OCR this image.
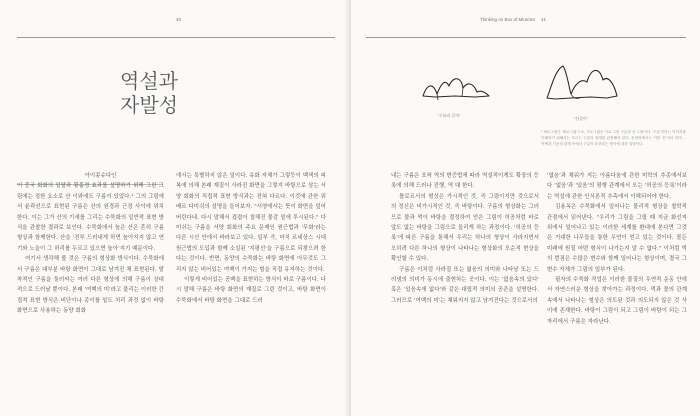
40
역설과
자발성

아이콩슈다인

이 중국 회화의 일탈과 황홀경 효과를 설명하기 위해 그린 그림에는 정한 요소로 산 이와에도 구름이 있었다.¹ 그의 그림에서 윤곽선으로 표현된 구름은 산의 원경과 근경 사이에 위치한다. 이는 그가 산의 기세를 그리는 수묵화의 일반적 표현 방식을 관찰한 결과로 보인다. 수묵화에서 높은 산은 흔히 구름 형상과 함께한다. 산을 '전부 드러내게 하면 높아지지 않고 연기와 노을이 그 허리를 두르고 있으면 높아'지기 때문이다.

여기서 생각해 볼 것은 구름의 형상화 방식이다. 수묵화에서 구름은 대부분 바탕 화면이 그대로 남겨진 채 표현된다. 탈착적인 구름을 둘러싸는 여러 다른 형상에 의해 구름이 상대적으로 드러날 뿐이다. 본래 '여백의 미'라고 불리는 이러한 간접적 표현 방식은 비단이나 종이를 밑도 처리 과정 없이 바탕 화면으로 사용하는 동양 회화

에서는 특별하지 않은 일이다. 유화 자체가 그렇듯이 백색의 피복에 의해 본래 재질이 사라진 화면을 그렇지 바탕으로 삼는 서양 회화의 직접적 표현 방식과는 전혀 다르다. 이것에 관한 위베르 다미쉬의 설명을 들어보자. "서양에서는 뜻이 화면을 덮어버린다네. 다시 말해서 겹겹이 칠해진 물감 밑에 투시된다." 다미쉬는 구름을 서양 회화의 주요 문제인 원근법과 '무화'라는 다른 시선 안에서 바라보고 있다. 일부 즉, 마치 르네상스 시대 원근법의 도입과 함께 소실된 '지평선'을 구름으로 되찾으려 한다는 것이다. 반면, 동양의 수묵화는 바탕 화면에 아무것도 그리지 않는 비어있는 여백이 가지는 힘을 직접 유지하는 것이다.

이렇게 비어있는 공백을 표현하는 방식이 바로 구름이다. 다시 말해 구름은 바탕 화면의 재질로 그린 것이고, 바탕 화면이 수묵화에서 바탕 화면을 그대로 드러

Thinking on Box of Miracles 41
"구름과 같이"
"산같이"
* 세로그림은 '세로그림'으로, 가로그림은 가로 그린 구름과 산 그림이다. '구름'이라는 이미지를 이해하기 위해서는 흐르는 구름의 형태를 관찰해야 한다. 동양화에서는 이를 '운'이라 하며 ... 여백과 기운의 관계 속에서 구름이 표현되는 방식에 대한 설명이다.

내는 구름은 포착 역의 변증법에 따라 역설적이게도 확장의 등록에 의해 드러나 진행, 역 대 한다.

틀로르서의 형상은 가시적인 것, 즉 그림이지만 것으로서의 정신은 비가시적인 것, 즉 바탕이다. 구름의 형상화는 그러므로 물과 먹이 바탕을 결정하여 얻은 그림이 허공처럼 바로 앞도 없는 바탕을 그림으로 들리게 하는 과정이다. '허공의 등록'에 따른 구름을 통해서 우리는 하나의 형상이 사라지면서 오히려 다른 하나의 형상이 나타나는 형상화의 모순적 현상을 확인할 수 있다.

구름은 이처럼 사라질 또는 엷음의 의미와 나타남 또는 드러냄의 의미가 동시에 출현하는 곳이다. 이는 '없음속의 있다' 혹은 '있음속에 없다'와 같은 대립적 의미의 공존을 설명한다. 그러므로 '여백의 미'는 채워지지 않고 남겨진다는 것으로서의

'없음'과 채워가 지는 아름다움에 관한 미학의 추종에서보다 '없음'과 '있음'의 평행 관계에서 오는 '허공의 등록'이라는 역설에 관한 인식론적 추측에서 이해되어야 한다.

김용옥은 수묵화에서 일어나는 물리적 형상을 철학적 관점에서 읽어낸다. "우리가 그림을 그릴 때 지금 화선지 위에서 일어나고 있는 이러한 세계를 환대에 본다면 그것은 거대한 나무들을 통한 우연이 얻고 있는 것이다. 몰든 미래에 원질 어떤 형식이 나가는지 알 수 없다." 이처럼 먹의 번짐은 수많은 변수와 함께 일어나는 형상이며, 결국 그 변수 자체가 그림의 일부가 된다.

필자의 수묵화 작업은 이러한 물질의 우연적 운동 안에서 자연스러운 형상을 찾아가는 과정이다. 먹과 물의 관계 속에서 나타나는 형상은 의도된 것과 의도되지 않은 것 사이에 존재한다. 바탕이 그림이 되고 그림이 바탕이 되는 그 자리에서 구름은 자라난다.
